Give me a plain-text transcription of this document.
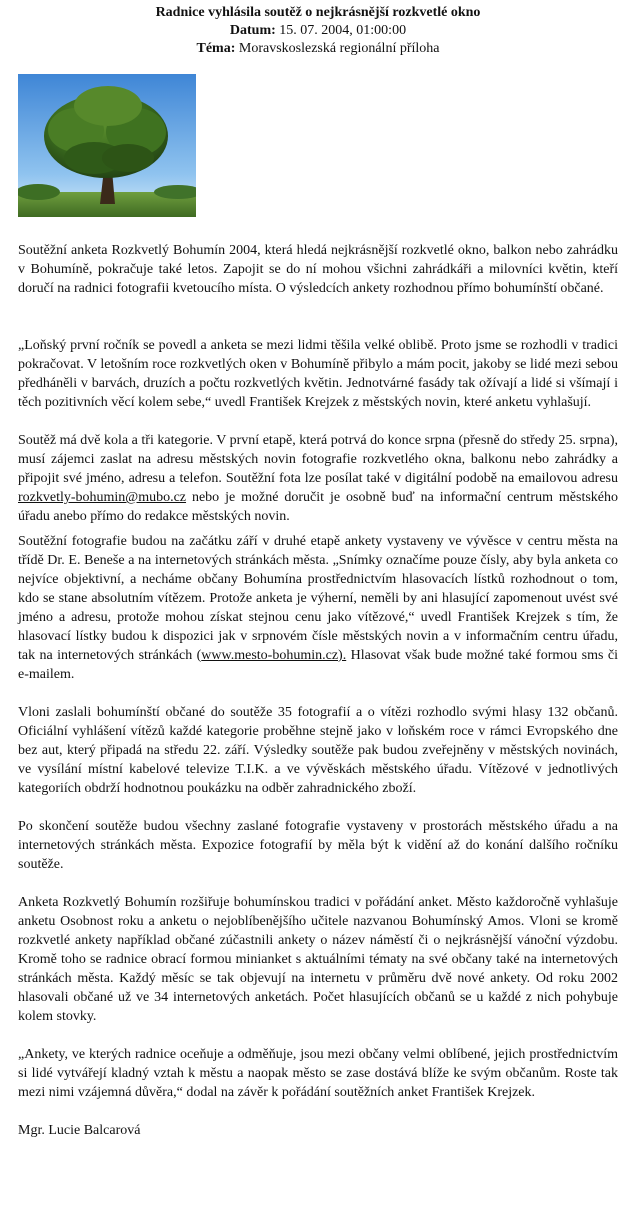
Radnice vyhlásila soutěž o nejkrásnější rozkvetlé okno
Datum: 15. 07. 2004, 01:00:00
Téma: Moravskoslezská regionální příloha

Soutěžní anketa Rozkvetlý Bohumín 2004, která hledá nejkrásnější rozkvetlé okno, balkon nebo zahrádku v Bohumíně, pokračuje také letos. Zapojit se do ní mohou všichni zahrádkáři a milovníci květin, kteří doručí na radnici fotografii kvetoucího místa. O výsledcích ankety rozhodnou přímo bohumínští občané.

„Loňský první ročník se povedl a anketa se mezi lidmi těšila velké oblibě. Proto jsme se rozhodli v tradici pokračovat. V letošním roce rozkvetlých oken v Bohumíně přibylo a mám pocit, jakoby se lidé mezi sebou předháněli v barvách, druzích a počtu rozkvetlých květin. Jednotvárné fasády tak ožívají a lidé si všímají i těch pozitivních věcí kolem sebe,“ uvedl František Krejzek z městských novin, které anketu vyhlašují.

Soutěž má dvě kola a tři kategorie. V první etapě, která potrvá do konce srpna (přesně do středy 25. srpna), musí zájemci zaslat na adresu městských novin fotografie rozkvetlého okna, balkonu nebo zahrádky a připojit své jméno, adresu a telefon. Soutěžní fota lze posílat také v digitální podobě na emailovou adresu rozkvetly-bohumin@mubo.cz nebo je možné doručit je osobně buď na informační centrum městského úřadu anebo přímo do redakce městských novin.

Soutěžní fotografie budou na začátku září v druhé etapě ankety vystaveny ve vývěsce v centru města na třídě Dr. E. Beneše a na internetových stránkách města. „Snímky označíme pouze čísly, aby byla anketa co nejvíce objektivní, a necháme občany Bohumína prostřednictvím hlasovacích lístků rozhodnout o tom, kdo se stane absolutním vítězem. Protože anketa je výherní, neměli by ani hlasující zapomenout uvést své jméno a adresu, protože mohou získat stejnou cenu jako vítězové,“ uvedl František Krejzek s tím, že hlasovací lístky budou k dispozici jak v srpnovém čísle městských novin a v informačním centru úřadu, tak na internetových stránkách (www.mesto-bohumin.cz). Hlasovat však bude možné také formou sms či e-mailem.

Vloni zaslali bohumínští občané do soutěže 35 fotografií a o vítězi rozhodlo svými hlasy 132 občanů. Oficiální vyhlášení vítězů každé kategorie proběhne stejně jako v loňském roce v rámci Evropského dne bez aut, který připadá na středu 22. září. Výsledky soutěže pak budou zveřejněny v městských novinách, ve vysílání místní kabelové televize T.I.K. a ve vývěskách městského úřadu. Vítězové v jednotlivých kategoriích obdrží hodnotnou poukázku na odběr zahradnického zboží.

Po skončení soutěže budou všechny zaslané fotografie vystaveny v prostorách městského úřadu a na internetových stránkách města. Expozice fotografií by měla být k vidění až do konání dalšího ročníku soutěže.

Anketa Rozkvetlý Bohumín rozšiřuje bohumínskou tradici v pořádání anket. Město každoročně vyhlašuje anketu Osobnost roku a anketu o nejoblíbenějšího učitele nazvanou Bohumínský Amos. Vloni se kromě rozkvetlé ankety například občané zúčastnili ankety o název náměstí či o nejkrásnější vánoční výzdobu. Kromě toho se radnice obrací formou minianket s aktuálními tématy na své občany také na internetových stránkách města. Každý měsíc se tak objevují na internetu v průměru dvě nové ankety. Od roku 2002 hlasovali občané už ve 34 internetových anketách. Počet hlasujících občanů se u každé z nich pohybuje kolem stovky.

„Ankety, ve kterých radnice oceňuje a odměňuje, jsou mezi občany velmi oblíbené, jejich prostřednictvím si lidé vytvářejí kladný vztah k městu a naopak město se zase dostává blíže ke svým občanům. Roste tak mezi nimi vzájemná důvěra,“ dodal na závěr k pořádání soutěžních anket František Krejzek.

Mgr. Lucie Balcarová
